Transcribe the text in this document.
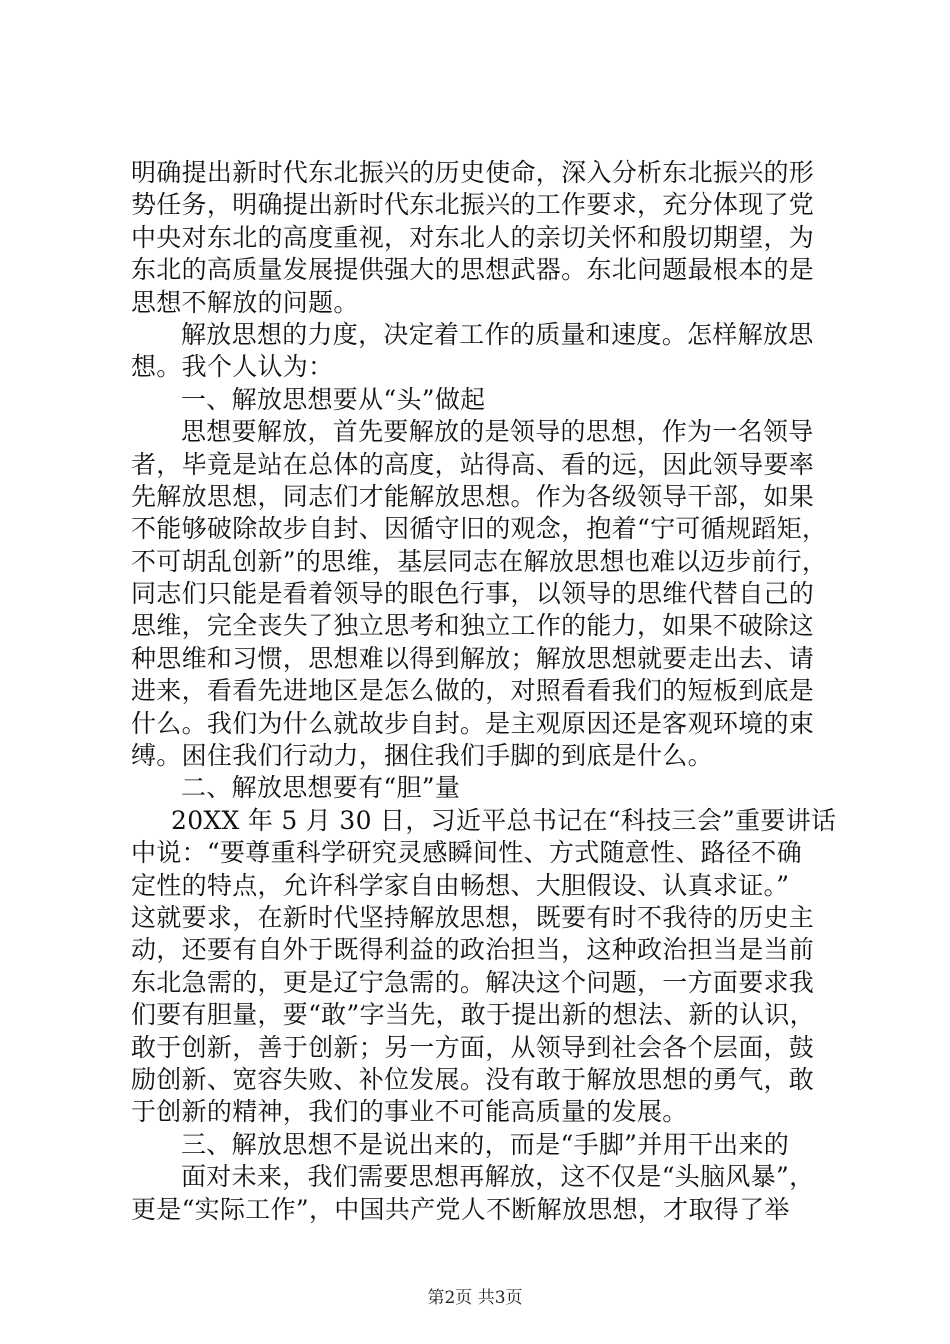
明确提出新时代东北振兴的历史使命，深入分析东北振兴的形
势任务，明确提出新时代东北振兴的工作要求，充分体现了党
中央对东北的高度重视，对东北人的亲切关怀和殷切期望，为
东北的高质量发展提供强大的思想武器。东北问题最根本的是
思想不解放的问题。
解放思想的力度，决定着工作的质量和速度。怎样解放思
想。我个人认为：
一、解放思想要从“头”做起
思想要解放，首先要解放的是领导的思想，作为一名领导
者，毕竟是站在总体的高度，站得高、看的远，因此领导要率
先解放思想，同志们才能解放思想。作为各级领导干部，如果
不能够破除故步自封、因循守旧的观念，抱着“宁可循规蹈矩，
不可胡乱创新”的思维，基层同志在解放思想也难以迈步前行，
同志们只能是看着领导的眼色行事，以领导的思维代替自己的
思维，完全丧失了独立思考和独立工作的能力，如果不破除这
种思维和习惯，思想难以得到解放；解放思想就要走出去、请
进来，看看先进地区是怎么做的，对照看看我们的短板到底是
什么。我们为什么就故步自封。是主观原因还是客观环境的束
缚。困住我们行动力，捆住我们手脚的到底是什么。
二、解放思想要有“胆”量
20XX 年 5 月 30 日，习近平总书记在“科技三会”重要讲话
中说：“要尊重科学研究灵感瞬间性、方式随意性、路径不确
定性的特点，允许科学家自由畅想、大胆假设、认真求证。”
这就要求，在新时代坚持解放思想，既要有时不我待的历史主
动，还要有自外于既得利益的政治担当，这种政治担当是当前
东北急需的，更是辽宁急需的。解决这个问题，一方面要求我
们要有胆量，要“敢”字当先，敢于提出新的想法、新的认识，
敢于创新，善于创新；另一方面，从领导到社会各个层面，鼓
励创新、宽容失败、补位发展。没有敢于解放思想的勇气，敢
于创新的精神，我们的事业不可能高质量的发展。
三、解放思想不是说出来的，而是“手脚”并用干出来的
面对未来，我们需要思想再解放，这不仅是“头脑风暴”，
更是“实际工作”，中国共产党人不断解放思想，才取得了举
第2页 共3页
